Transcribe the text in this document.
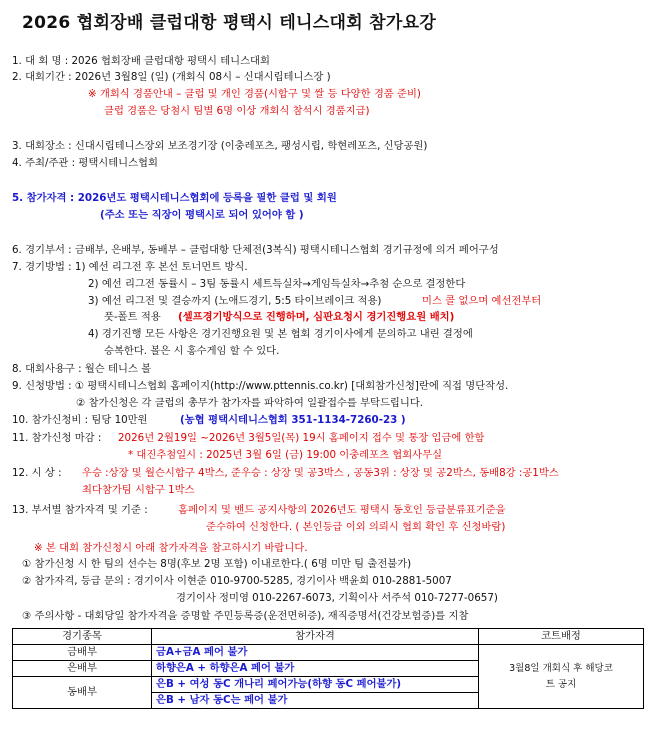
2026 협회장배 클럽대항 평택시 테니스대회 참가요강
1. 대 회 명 : 2026 협회장배 클럽대항 평택시 테니스대회
2. 대회기간 : 2026년 3월8일 (일) (개회식 08시 – 신대시립테니스장 )
※ 개회식 경품안내 – 클럽 및 개인 경품(시합구 및 쌀 등 다양한 경품 준비)
클럽 경품은 당첨시 팀별 6명 이상 개회식 참석시 경품지급)
3. 대회장소 : 신대시립테니스장외 보조경기장 (이충레포츠, 팽성시립, 학현레포츠, 신당공원)
4. 주최/주관 : 평택시테니스협회
5. 참가자격 : 2026년도 평택시테니스협회에 등록을 필한 클럽 및 회원
(주소 또는 직장이 평택시로 되어 있어야 함 )
6. 경기부서 : 금배부, 은배부, 동배부 – 클럽대항 단체전(3복식) 평택시테니스협회 경기규정에 의거 페어구성
7. 경기방법 : 1) 예선 리그전 후 본선 토너먼트 방식.
2) 예선 리그전 동률시 – 3팀 동률시 세트득실차→게임득실차→추첨 순으로 결정한다
3) 예선 리그전 및 결승까지 (노애드경기, 5:5 타이브레이크 적용)	미스 콜 없으며 예선전부터
풋-폴트 적용 (셀프경기방식으로 진행하며, 심판요청시 경기진행요원 배치)
4) 경기진행 모든 사항은 경기진행요원 및 본 협회 경기이사에게 문의하고 내린 결정에
승복한다. 볼은 시 홍수게임 할 수 있다.
8. 대회사용구 : 월슨 테니스 볼
9. 신청방법 : ① 평택시테니스협회 홈페이지(http://www.pttennis.co.kr) [대회참가신청]란에 직접 명단작성.
② 참가신청은 각 클럽의 총무가 참가자를 파악하여 일괄접수를 부탁드립니다.
10. 참가신청비 : 팀당 10만원	(농협 평택시테니스협회 351-1134-7260-23 )
11. 참가신청 마감 : 2026년 2월19일 ~2026년 3월5일(목) 19시 홈페이지 접수 및 통장 입금에 한함
* 대진추첨일시 : 2025년 3월 6일 (금) 19:00 이충레포츠 협회사무실
12. 시 상 : 우승 :상장 및 월슨시합구 4박스, 준우승 : 상장 및 공3박스 , 공동3위 : 상장 및 공2박스, 동배8강 :공1박스
최다참가팀 시합구 1박스
13. 부서별 참가자격 및 기준 :	홈페이지 및 밴드 공지사항의 2026년도 평택시 동호인 등급분류표기준을
준수하여 신청한다. ( 본인등급 이외 의뢰시 협회 확인 후 신청바람)
※ 본 대회 참가신청시 아래 참가자격을 참고하시기 바랍니다.
① 참가신청 시 한 팀의 선수는 8명(후보 2명 포함) 이내로한다.( 6명 미만 팀 출전불가)
② 참가자격, 등급 문의 : 경기이사 이현준 010-9700-5285, 경기이사 백윤희 010-2881-5007
경기이사 정미영 010-2267-6073, 기획이사 서주석 010-7277-0657)
③ 주의사항 - 대회당일 참가자격을 증명할 주민등록증(운전면허증), 재직증명서(건강보험증)를 지참
경기종목	참가자격	코트배정
금배부	금A+금A 페어 불가	3월8일 개회식 후 해당코트 공지

은배부	하향은A + 하향은A 페어 불가	
동배부	은B + 여성 동C 개나리 페어가능(하향 동C 페어불가)	
	은B + 남자 동C는 페어 불가	
